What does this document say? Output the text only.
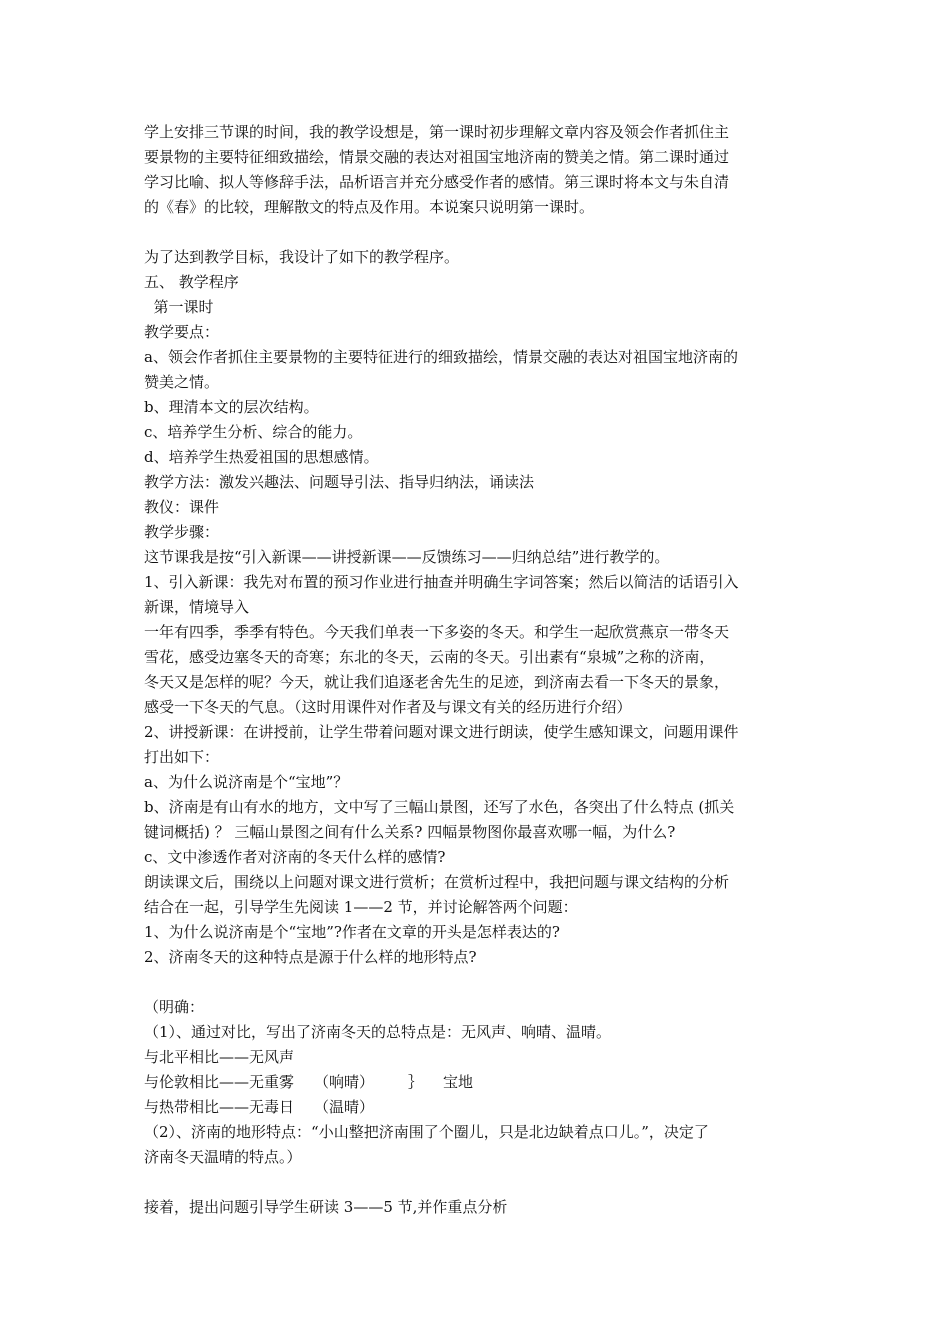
学上安排三节课的时间，我的教学设想是，第一课时初步理解文章内容及领会作者抓住主
要景物的主要特征细致描绘，情景交融的表达对祖国宝地济南的赞美之情。第二课时通过
学习比喻、拟人等修辞手法，品析语言并充分感受作者的感情。第三课时将本文与朱自清
的《春》的比较，理解散文的特点及作用。本说案只说明第一课时。
为了达到教学目标，我设计了如下的教学程序。
五、 教学程序
第一课时
教学要点：
a、领会作者抓住主要景物的主要特征进行的细致描绘，情景交融的表达对祖国宝地济南的
赞美之情。
b、理清本文的层次结构。
c、培养学生分析、综合的能力。
d、培养学生热爱祖国的思想感情。
教学方法：激发兴趣法、问题导引法、指导归纳法，诵读法
教仪：课件
教学步骤：
这节课我是按“引入新课——讲授新课——反馈练习——归纳总结”进行教学的。
1、引入新课：我先对布置的预习作业进行抽查并明确生字词答案；然后以简洁的话语引入
新课，情境导入
一年有四季，季季有特色。今天我们单表一下多姿的冬天。和学生一起欣赏燕京一带冬天
雪花，感受边塞冬天的奇寒；东北的冬天，云南的冬天。引出素有“泉城”之称的济南，
冬天又是怎样的呢？今天，就让我们追逐老舍先生的足迹，到济南去看一下冬天的景象，
感受一下冬天的气息。（这时用课件对作者及与课文有关的经历进行介绍）
2、讲授新课：在讲授前，让学生带着问题对课文进行朗读，使学生感知课文，问题用课件
打出如下：
a、为什么说济南是个“宝地”？
b、济南是有山有水的地方，文中写了三幅山景图，还写了水色，各突出了什么特点 (抓关
键词概括) ？ 三幅山景图之间有什么关系? 四幅景物图你最喜欢哪一幅，为什么?
c、文中渗透作者对济南的冬天什么样的感情?
朗读课文后，围绕以上问题对课文进行赏析；在赏析过程中，我把问题与课文结构的分析
结合在一起，引导学生先阅读 1——2 节，并讨论解答两个问题：
1、为什么说济南是个“宝地”?作者在文章的开头是怎样表达的?
2、济南冬天的这种特点是源于什么样的地形特点?
（明确：
（1）、通过对比，写出了济南冬天的总特点是：无风声、响晴、温晴。
与北平相比——无风声
与伦敦相比——无重雾 （响晴） ｝ 宝地
与热带相比——无毒日 （温晴）
（2）、济南的地形特点：“小山整把济南围了个圈儿，只是北边缺着点口儿。”，决定了
济南冬天温晴的特点。）
接着，提出问题引导学生研读 3——5 节,并作重点分析
